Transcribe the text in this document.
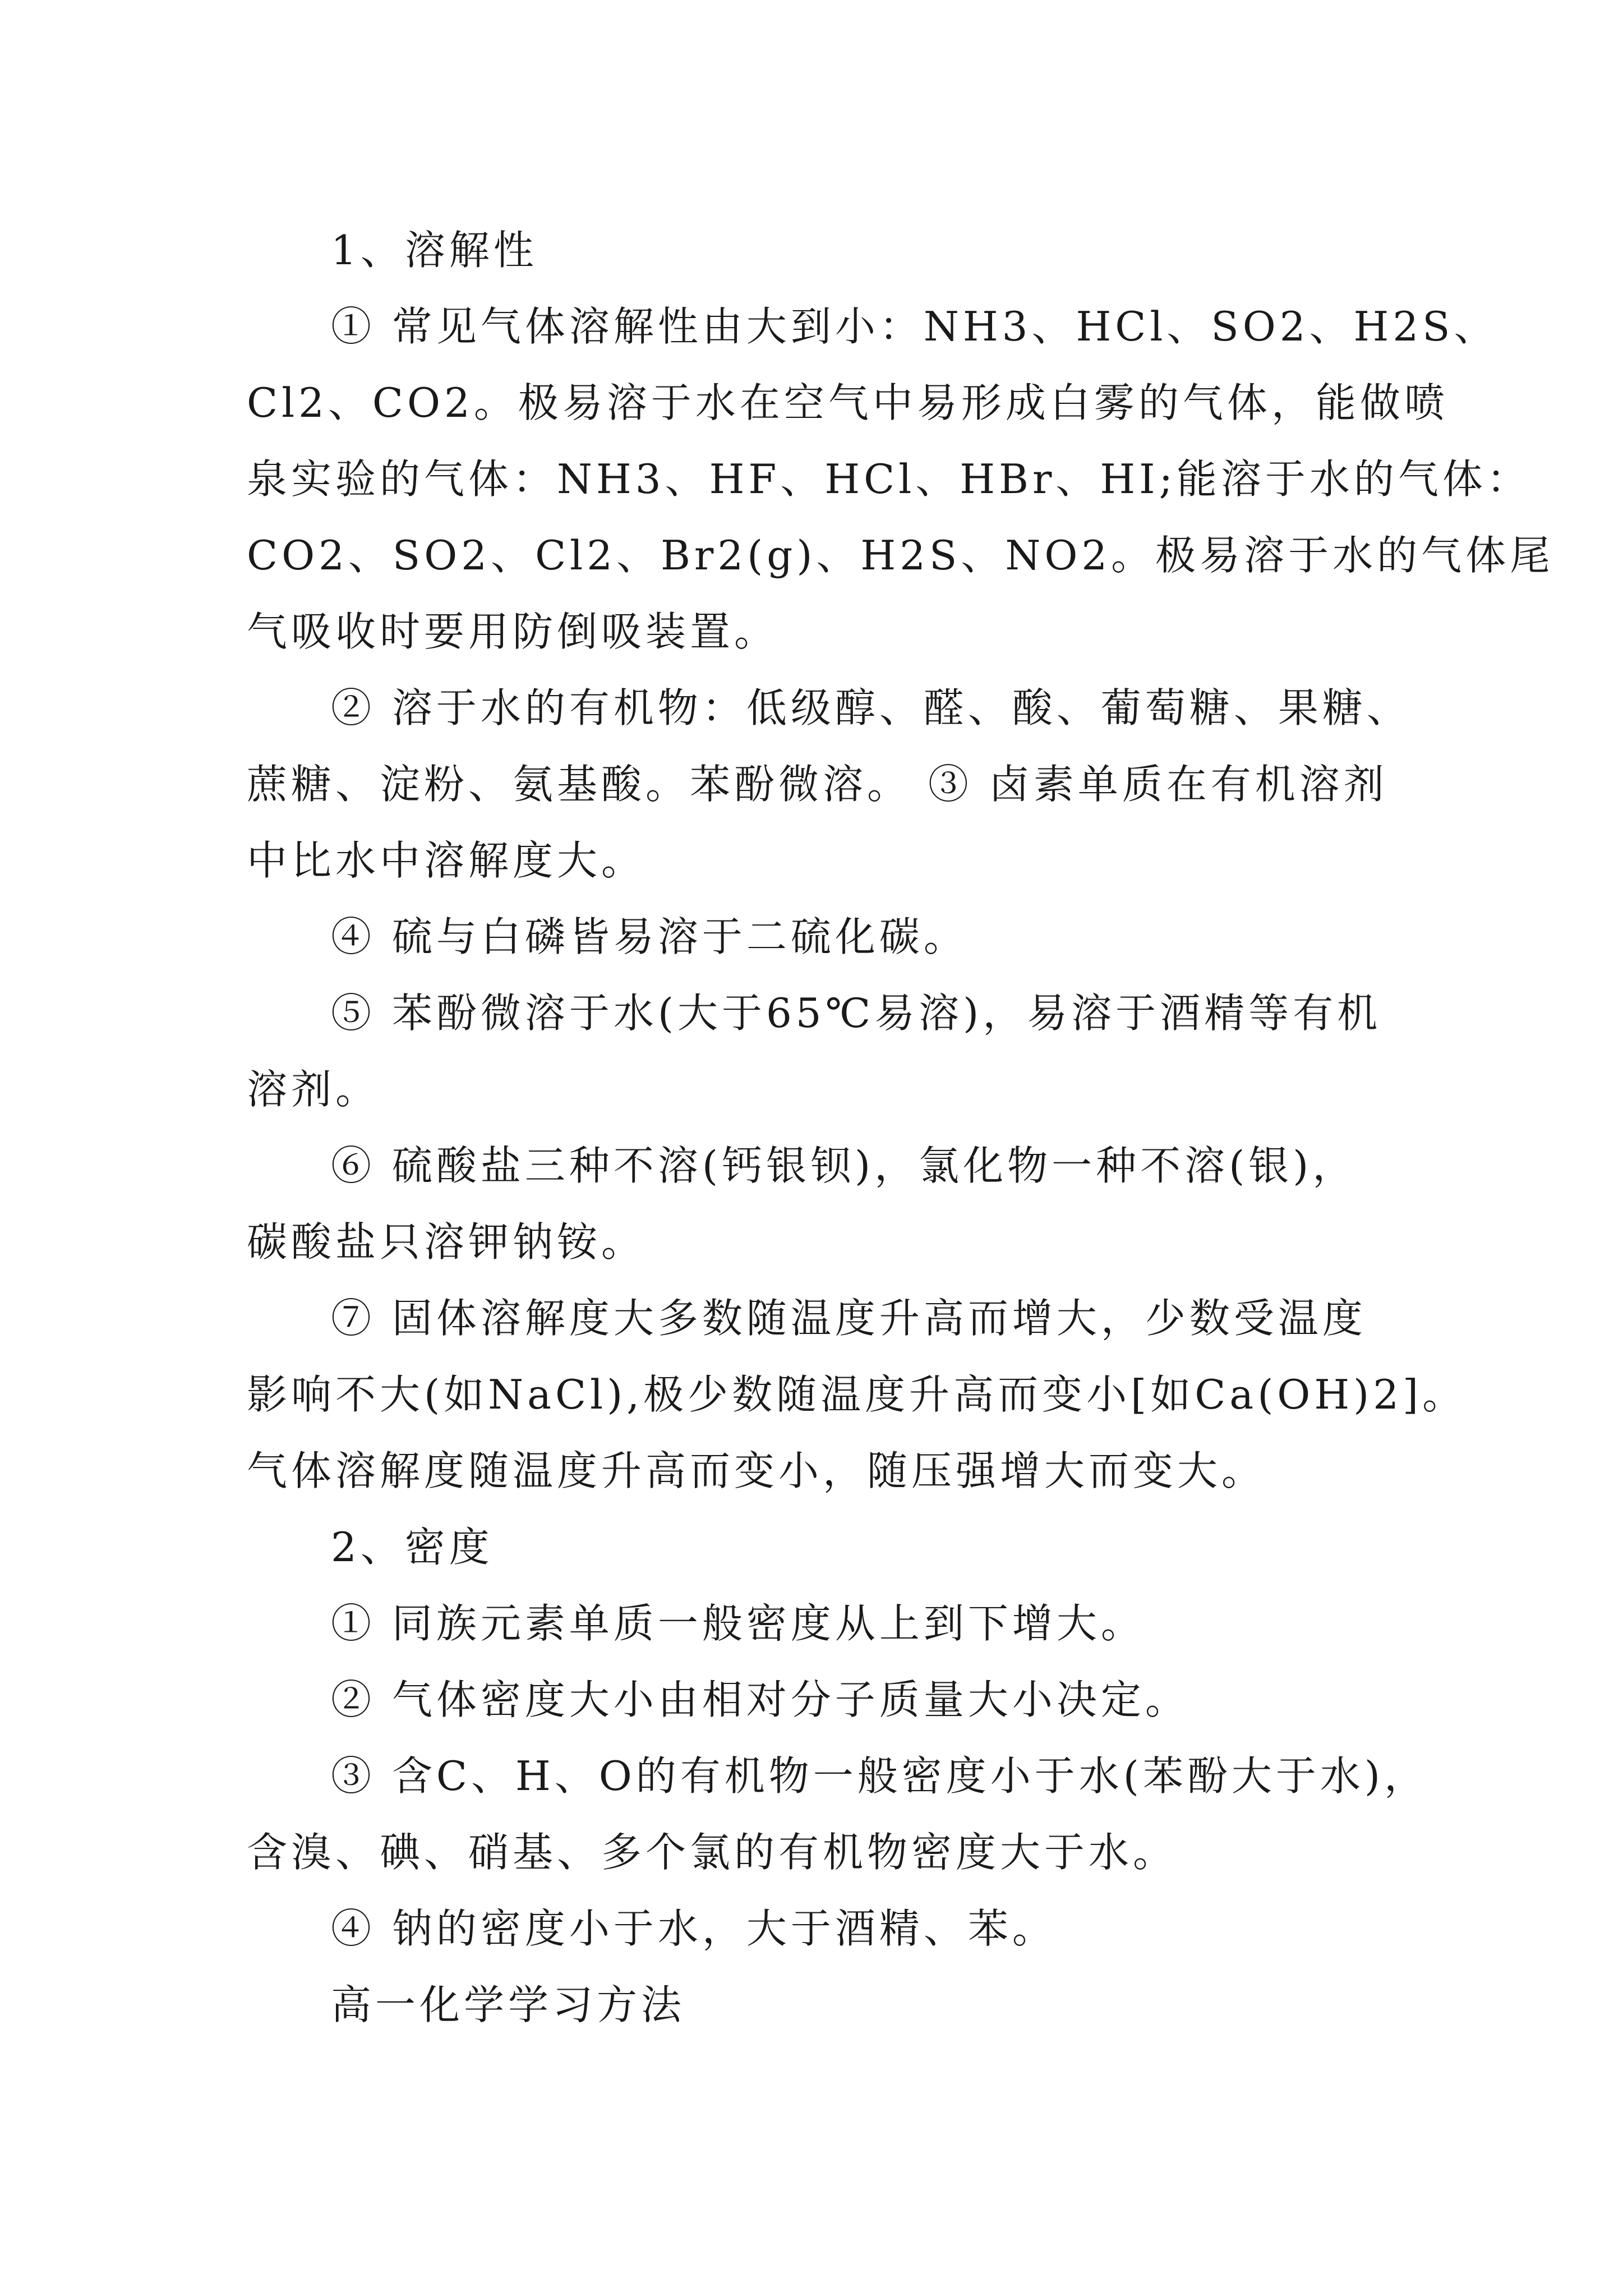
1、溶解性
① 常见气体溶解性由大到小：NH3、HCl、SO2、H2S、
Cl2、CO2。极易溶于水在空气中易形成白雾的气体，能做喷
泉实验的气体：NH3、HF、HCl、HBr、HI;能溶于水的气体：
CO2、SO2、Cl2、Br2(g)、H2S、NO2。极易溶于水的气体尾
气吸收时要用防倒吸装置。
② 溶于水的有机物：低级醇、醛、酸、葡萄糖、果糖、
蔗糖、淀粉、氨基酸。苯酚微溶。 ③ 卤素单质在有机溶剂
中比水中溶解度大。
④ 硫与白磷皆易溶于二硫化碳。
⑤ 苯酚微溶于水(大于65℃易溶)，易溶于酒精等有机
溶剂。
⑥ 硫酸盐三种不溶(钙银钡)，氯化物一种不溶(银)，
碳酸盐只溶钾钠铵。
⑦ 固体溶解度大多数随温度升高而增大，少数受温度
影响不大(如NaCl),极少数随温度升高而变小[如Ca(OH)2]。
气体溶解度随温度升高而变小，随压强增大而变大。
2、密度
① 同族元素单质一般密度从上到下增大。
② 气体密度大小由相对分子质量大小决定。
③ 含C、H、O的有机物一般密度小于水(苯酚大于水)，
含溴、碘、硝基、多个氯的有机物密度大于水。
④ 钠的密度小于水，大于酒精、苯。
高一化学学习方法
